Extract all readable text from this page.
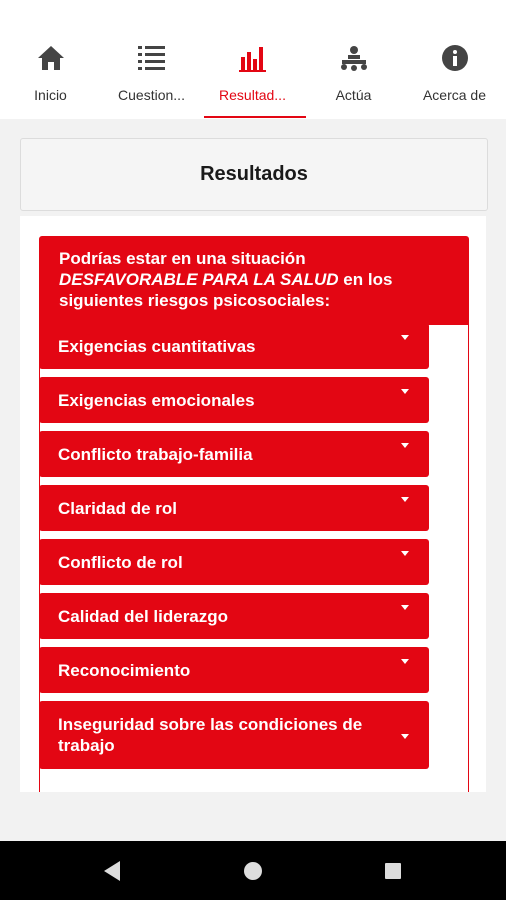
Inicio	Cuestion...	Resultad...	Actúa	Acerca de
Resultados
Podrías estar en una situación
DESFAVORABLE PARA LA SALUD en los siguientes riesgos psicosociales:
Exigencias cuantitativas
Exigencias emocionales
Conflicto trabajo-familia
Claridad de rol
Conflicto de rol
Calidad del liderazgo
Reconocimiento
Inseguridad sobre las condiciones de trabajo
